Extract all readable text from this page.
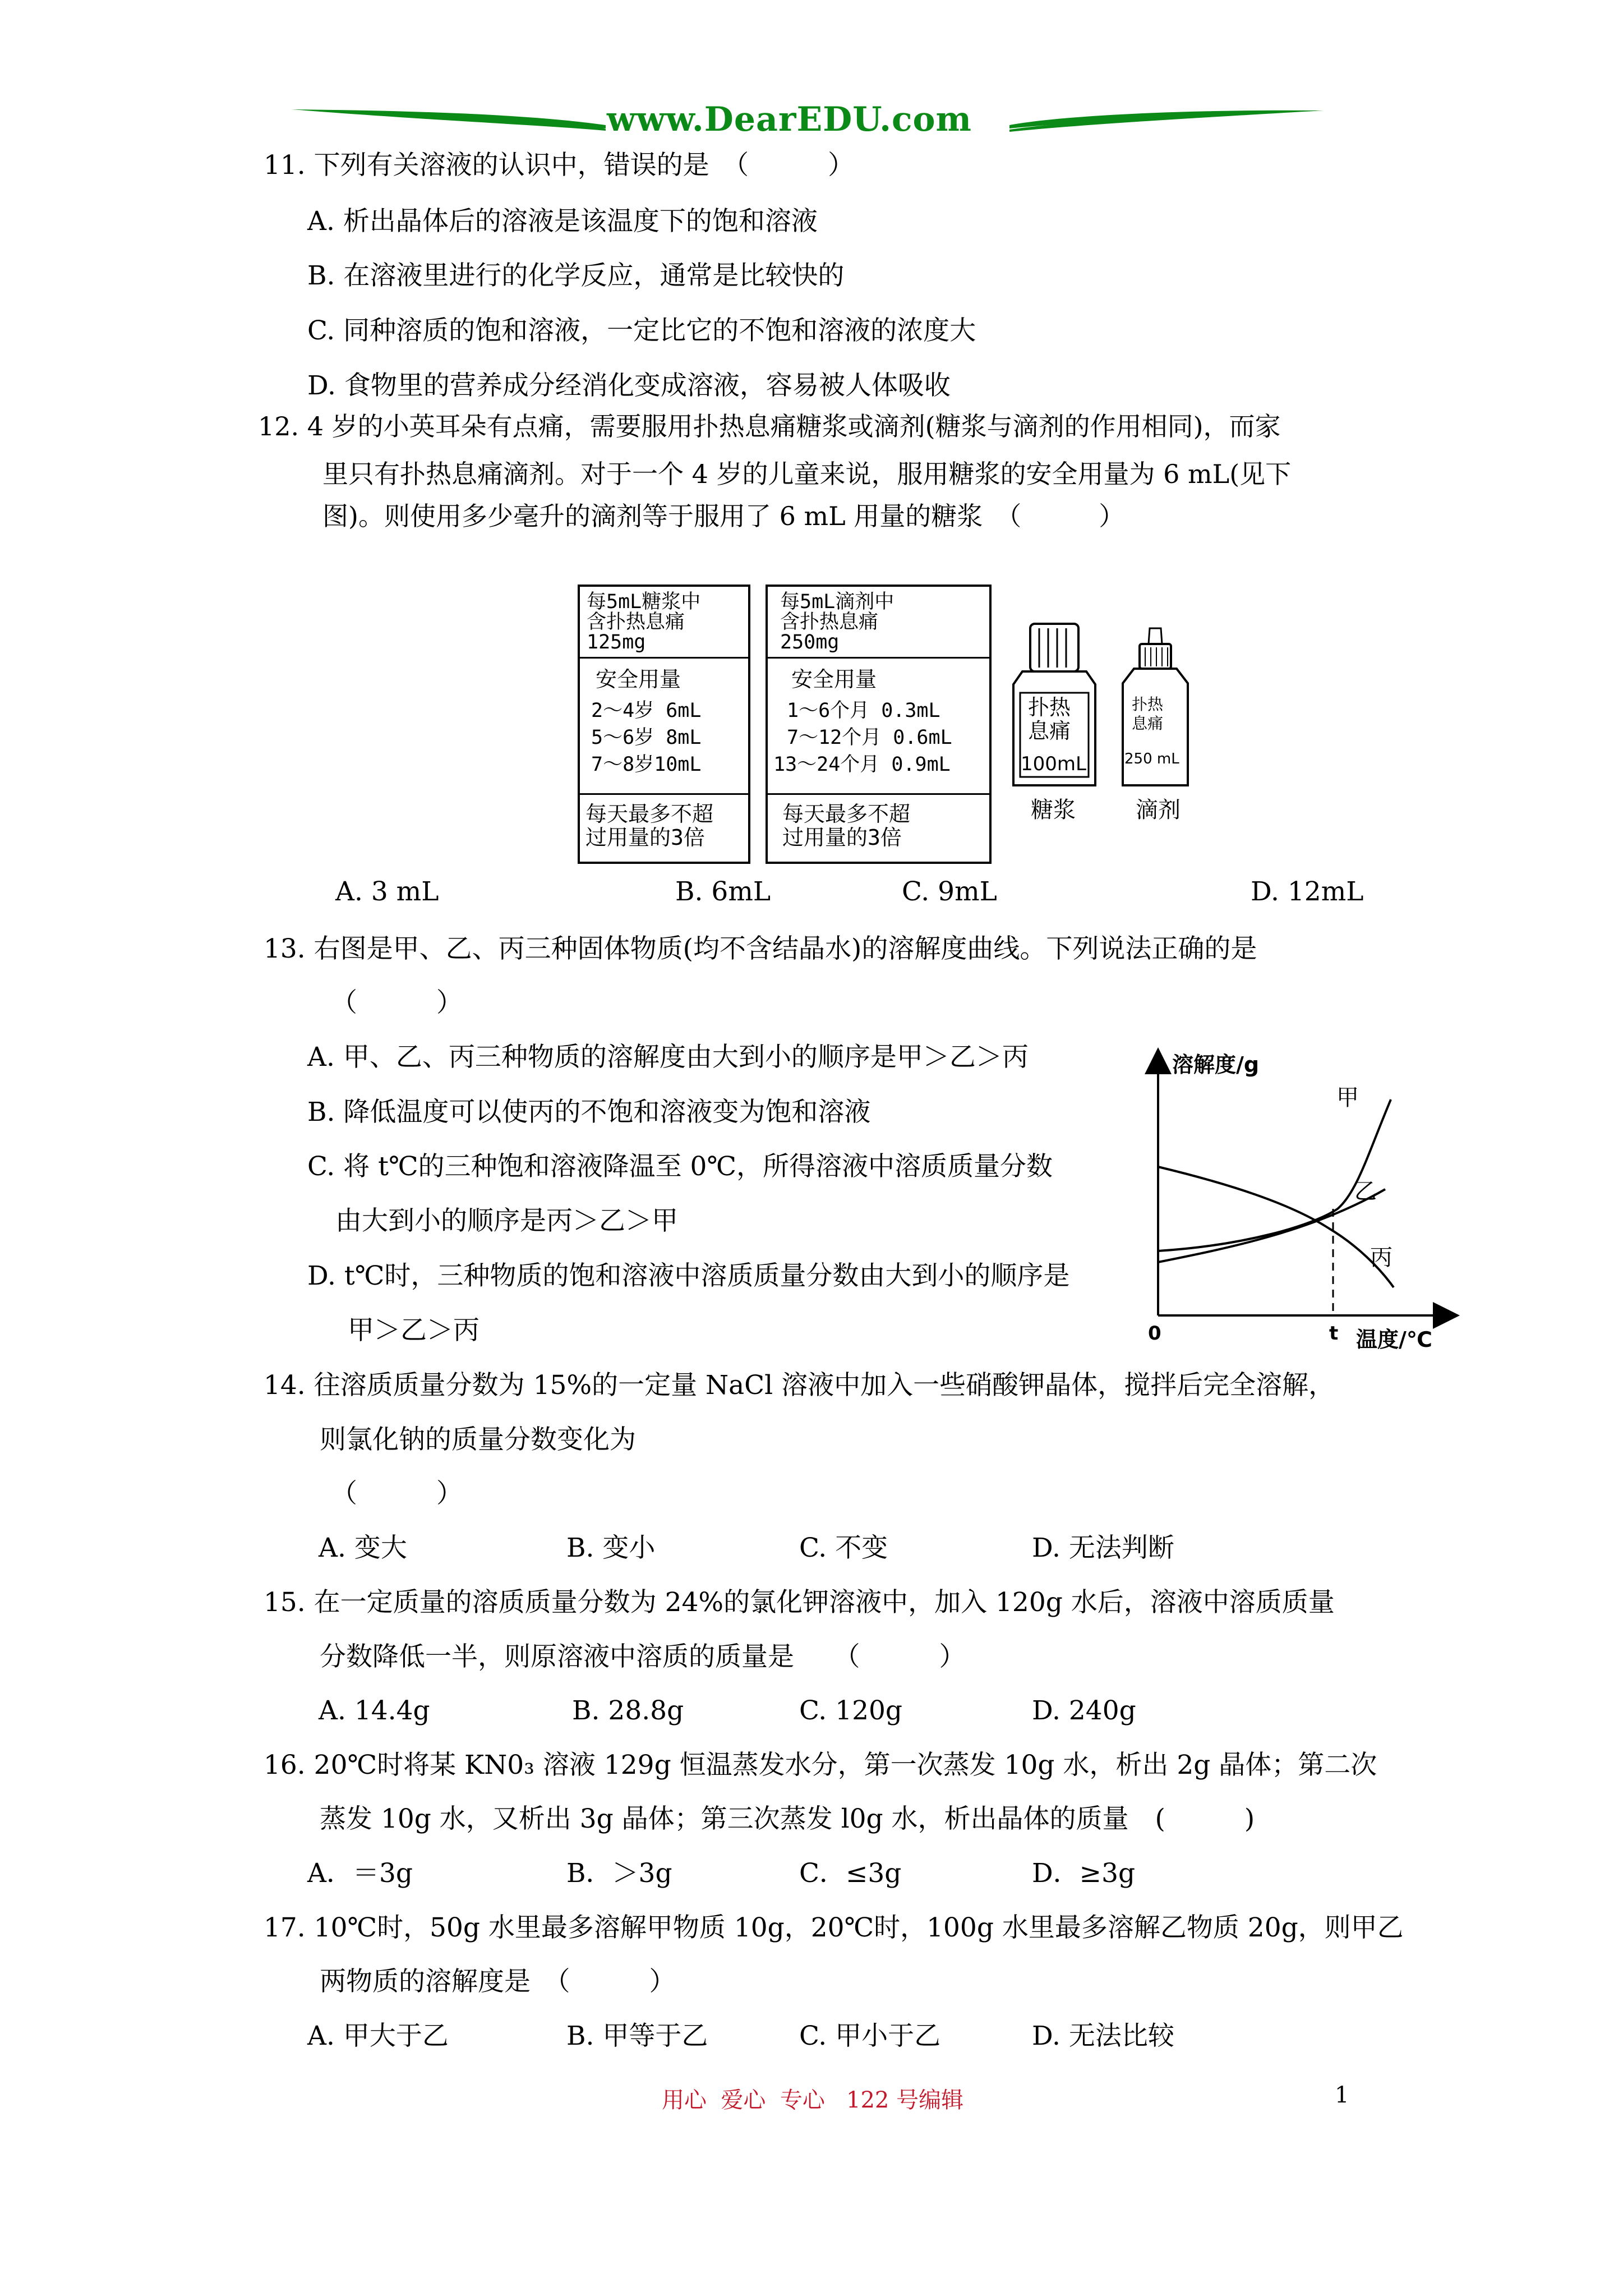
www.DearEDU.com
11. 下列有关溶液的认识中，错误的是　（　　　）
A. 析出晶体后的溶液是该温度下的饱和溶液
B. 在溶液里进行的化学反应，通常是比较快的
C. 同种溶质的饱和溶液，一定比它的不饱和溶液的浓度大
D. 食物里的营养成分经消化变成溶液，容易被人体吸收
12. 4 岁的小英耳朵有点痛，需要服用扑热息痛糖浆或滴剂(糖浆与滴剂的作用相同)，而家
里只有扑热息痛滴剂。对于一个 4 岁的儿童来说，服用糖浆的安全用量为 6 mL(见下
图)。则使用多少毫升的滴剂等于服用了 6 mL 用量的糖浆　（　　　）
每5mL糖浆中
含扑热息痛
125mg
安全用量
2～4岁 6mL
5～6岁 8mL
7～8岁10mL
每天最多不超
过用量的3倍
每5mL滴剂中
含扑热息痛
250mg
安全用量
1～6个月 0.3mL
7～12个月 0.6mL
13～24个月 0.9mL
每天最多不超
过用量的3倍
扑热
息痛
100mL
糖浆
扑热
息痛
250 mL
滴剂
A. 3 mL	B. 6mL	C. 9mL	D. 12mL
13. 右图是甲、乙、丙三种固体物质(均不含结晶水)的溶解度曲线。下列说法正确的是
（　　　）
A. 甲、乙、丙三种物质的溶解度由大到小的顺序是甲＞乙＞丙
B. 降低温度可以使丙的不饱和溶液变为饱和溶液
C. 将 t℃的三种饱和溶液降温至 0℃，所得溶液中溶质质量分数
由大到小的顺序是丙＞乙＞甲
D. t℃时，三种物质的饱和溶液中溶质质量分数由大到小的顺序是
甲＞乙＞丙
溶解度/g
温度/℃
0	t
甲
乙
丙
14. 往溶质质量分数为 15%的一定量 NaCl 溶液中加入一些硝酸钾晶体，搅拌后完全溶解，
则氯化钠的质量分数变化为
（　　　）
A. 变大	B. 变小	C. 不变	D. 无法判断
15. 在一定质量的溶质质量分数为 24%的氯化钾溶液中，加入 120g 水后，溶液中溶质质量
分数降低一半，则原溶液中溶质的质量是　　（　　　）
A. 14.4g	B. 28.8g	C. 120g	D. 240g
16. 20℃时将某 KN0₃ 溶液 129g 恒温蒸发水分，第一次蒸发 10g 水，析出 2g 晶体；第二次
蒸发 10g 水，又析出 3g 晶体；第三次蒸发 l0g 水，析出晶体的质量　(　　　)
A．＝3g	B．＞3g	C．≤3g	D．≥3g
17. 10℃时，50g 水里最多溶解甲物质 10g，20℃时，100g 水里最多溶解乙物质 20g，则甲乙
两物质的溶解度是　（　　　）
A. 甲大于乙	B. 甲等于乙	C. 甲小于乙	D. 无法比较
用心  爱心  专心   122 号编辑	1
